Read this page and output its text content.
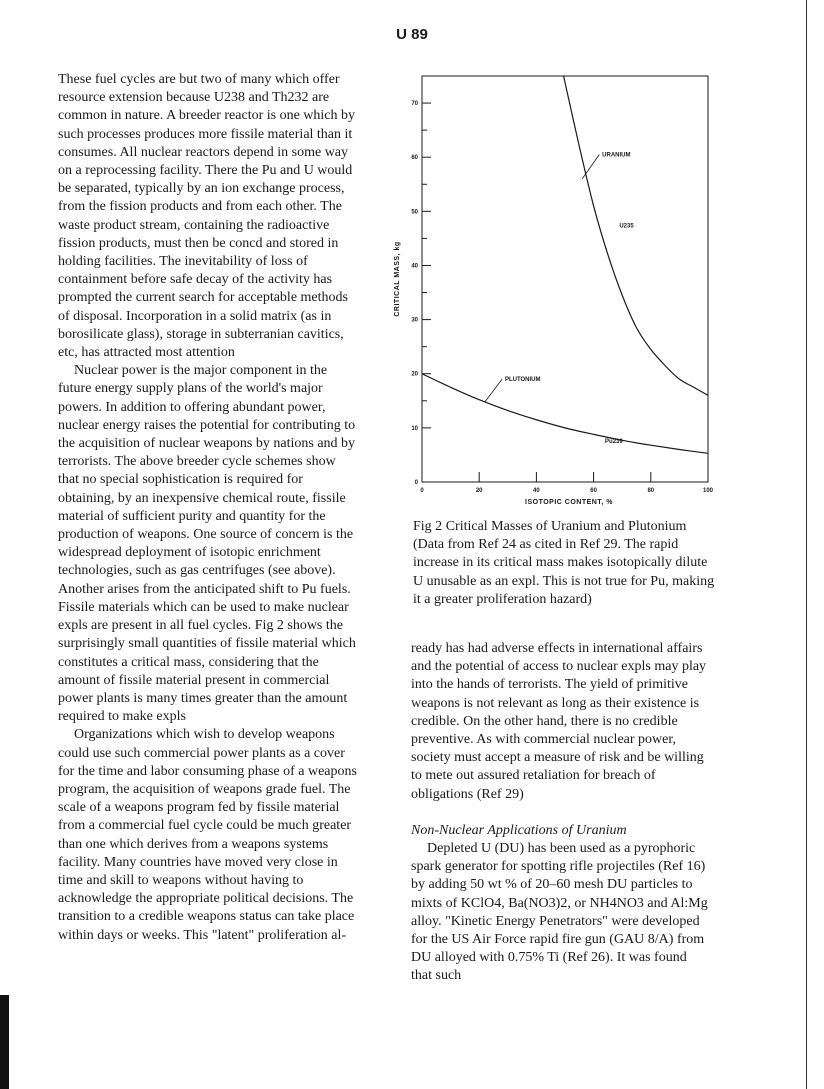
U 89

These fuel cycles are but two of many which offer resource extension because U238 and Th232 are common in nature. A breeder reactor is one which by such processes produces more fissile material than it consumes. All nuclear reactors depend in some way on a reprocessing facility. There the Pu and U would be separated, typically by an ion exchange process, from the fission products and from each other. The waste product stream, containing the radioactive fission products, must then be concd and stored in holding facilities. The inevitability of loss of containment before safe decay of the activity has prompted the current search for acceptable methods of disposal. Incorporation in a solid matrix (as in borosilicate glass), storage in subterranian cavitics, etc, has attracted most attention

Nuclear power is the major component in the future energy supply plans of the world's major powers. In addition to offering abundant power, nuclear energy raises the potential for contributing to the acquisition of nuclear weapons by nations and by terrorists. The above breeder cycle schemes show that no special sophistication is required for obtaining, by an inexpensive chemical route, fissile material of sufficient purity and quantity for the production of weapons. One source of concern is the widespread deployment of isotopic enrichment technologies, such as gas centrifuges (see above). Another arises from the anticipated shift to Pu fuels. Fissile materials which can be used to make nuclear expls are present in all fuel cycles. Fig 2 shows the surprisingly small quantities of fissile material which constitutes a critical mass, considering that the amount of fissile material present in commercial power plants is many times greater than the amount required to make expls

Organizations which wish to develop weapons could use such commercial power plants as a cover for the time and labor consuming phase of a weapons program, the acquisition of weapons grade fuel. The scale of a weapons program fed by fissile material from a commercial fuel cycle could be much greater than one which derives from a weapons systems facility. Many countries have moved very close in time and skill to weapons without having to acknowledge the appropriate political decisions. The transition to a credible weapons status can take place within days or weeks. This "latent" proliferation al-

0
10
20
30
40
50
60
70
CRITICAL MASS, kg
0	20	40	60	80	100
ISOTOPIC CONTENT, %
URANIUM
U235
PLUTONIUM
Pu239
Fig 2 Critical Masses of Uranium and Plutonium (Data from Ref 24 as cited in Ref 29. The rapid increase in its critical mass makes isotopically dilute U unusable as an expl. This is not true for Pu, making it a greater proliferation hazard)

ready has had adverse effects in international affairs and the potential of access to nuclear expls may play into the hands of terrorists. The yield of primitive weapons is not relevant as long as their existence is credible. On the other hand, there is no credible preventive. As with commercial nuclear power, society must accept a measure of risk and be willing to mete out assured retaliation for breach of obligations (Ref 29)

Non-Nuclear Applications of Uranium

Depleted U (DU) has been used as a pyrophoric spark generator for spotting rifle projectiles (Ref 16) by adding 50 wt % of 20–60 mesh DU particles to mixts of KClO4, Ba(NO3)2, or NH4NO3 and Al:Mg alloy. "Kinetic Energy Penetrators" were developed for the US Air Force rapid fire gun (GAU 8/A) from DU alloyed with 0.75% Ti (Ref 26). It was found that such
